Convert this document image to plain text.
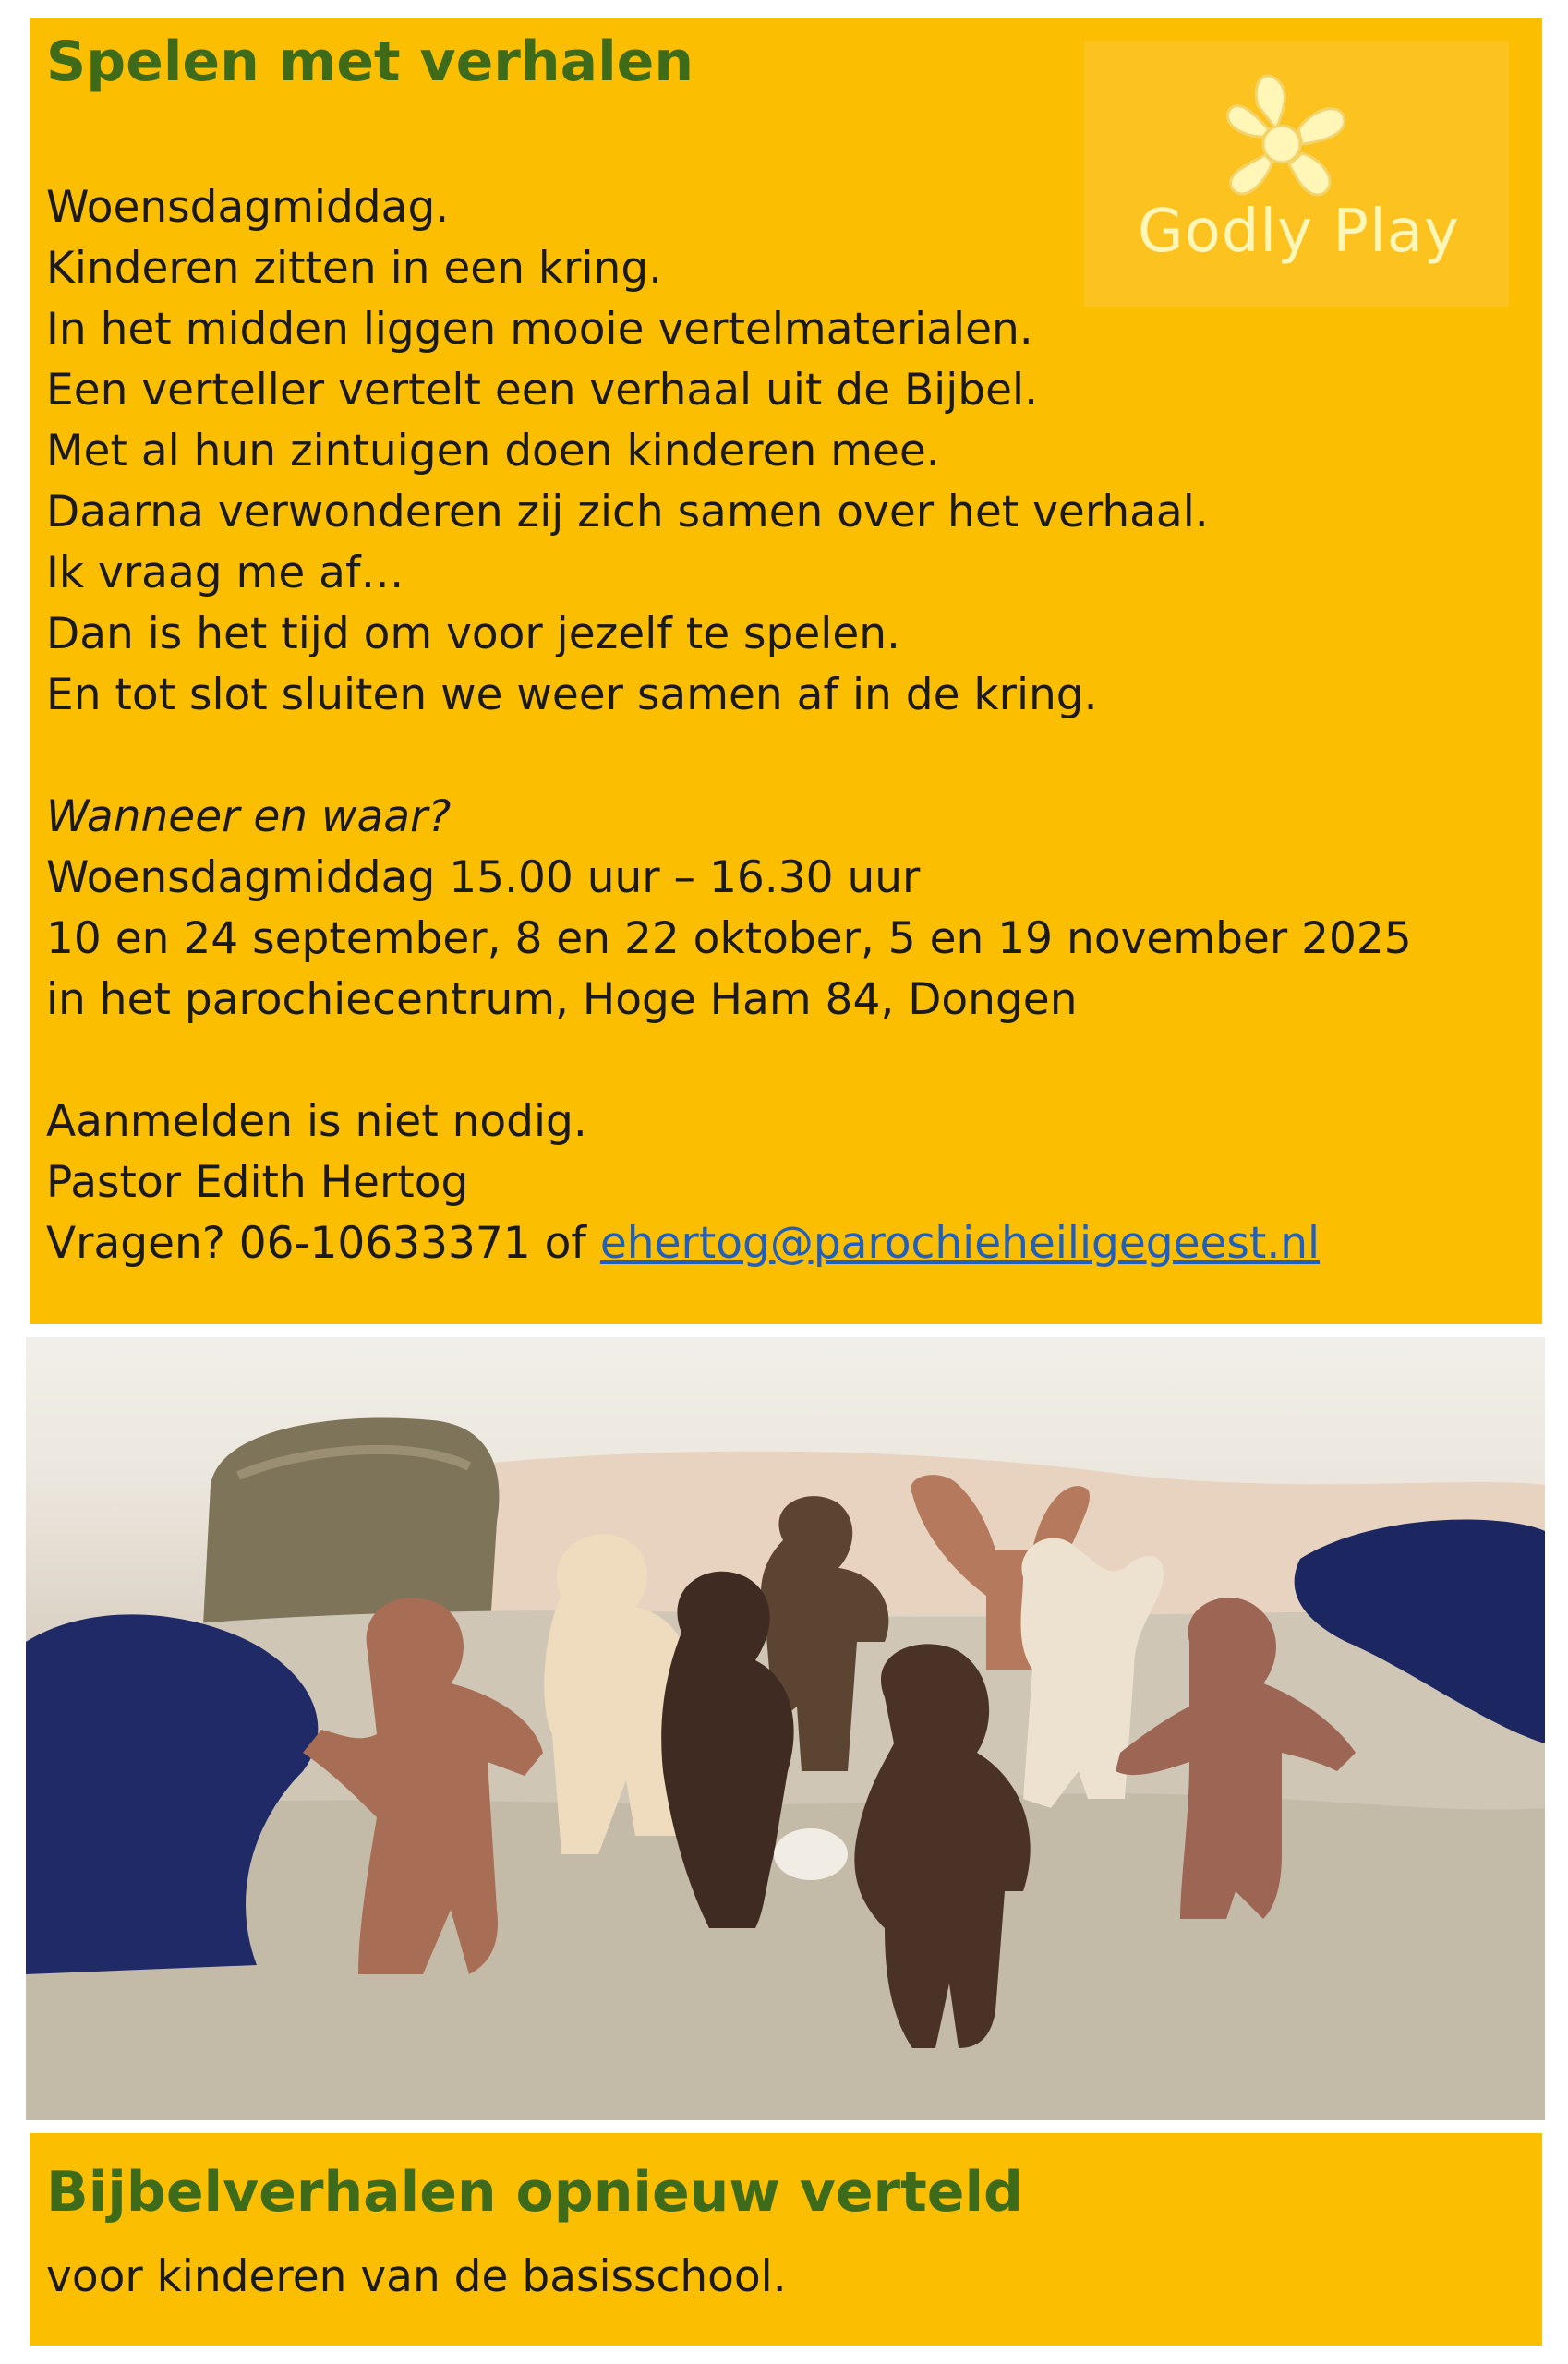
Spelen met verhalen
Godly Play
Woensdagmiddag.
Kinderen zitten in een kring.
In het midden liggen mooie vertelmaterialen.
Een verteller vertelt een verhaal uit de Bijbel.
Met al hun zintuigen doen kinderen mee.
Daarna verwonderen zij zich samen over het verhaal.
Ik vraag me af…
Dan is het tijd om voor jezelf te spelen.
En tot slot sluiten we weer samen af in de kring.
Wanneer en waar?
Woensdagmiddag 15.00 uur – 16.30 uur
10 en 24 september, 8 en 22 oktober, 5 en 19 november 2025
in het parochiecentrum, Hoge Ham 84, Dongen
Aanmelden is niet nodig.
Pastor Edith Hertog
Vragen? 06-10633371 of ehertog@parochieheiligegeest.nl
Bijbelverhalen opnieuw verteld
voor kinderen van de basisschool.
